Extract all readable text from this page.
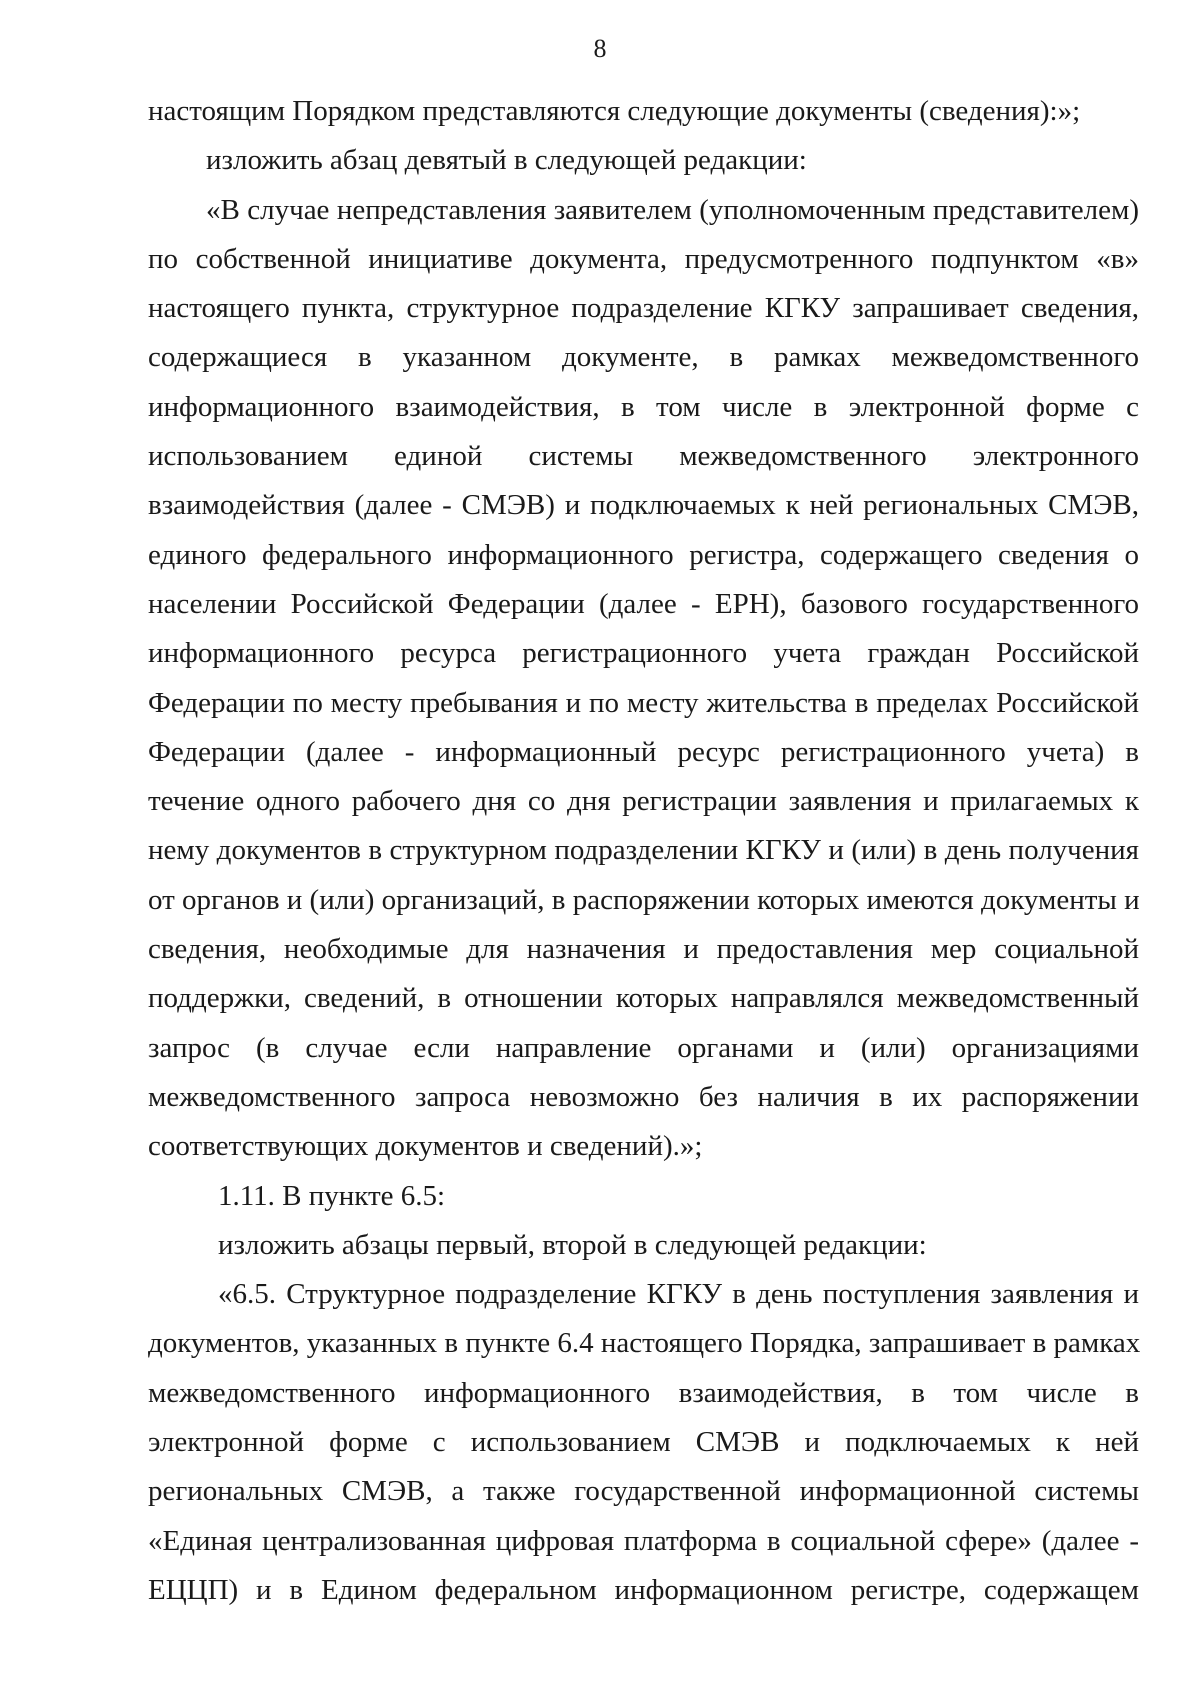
8
настоящим Порядком представляются следующие документы (сведения):»;
изложить абзац девятый в следующей редакции:
«В случае непредставления заявителем (уполномоченным представителем)
по собственной инициативе документа, предусмотренного подпунктом «в»
настоящего пункта, структурное подразделение КГКУ запрашивает сведения,
содержащиеся в указанном документе, в рамках межведомственного
информационного взаимодействия, в том числе в электронной форме с
использованием единой системы межведомственного электронного
взаимодействия (далее - СМЭВ) и подключаемых к ней региональных СМЭВ,
единого федерального информационного регистра, содержащего сведения о
населении Российской Федерации (далее - ЕРН), базового государственного
информационного ресурса регистрационного учета граждан Российской
Федерации по месту пребывания и по месту жительства в пределах Российской
Федерации (далее - информационный ресурс регистрационного учета) в
течение одного рабочего дня со дня регистрации заявления и прилагаемых к
нему документов в структурном подразделении КГКУ и (или) в день получения
от органов и (или) организаций, в распоряжении которых имеются документы и
сведения, необходимые для назначения и предоставления мер социальной
поддержки, сведений, в отношении которых направлялся межведомственный
запрос (в случае если направление органами и (или) организациями
межведомственного запроса невозможно без наличия в их распоряжении
соответствующих документов и сведений).»;
1.11. В пункте 6.5:
изложить абзацы первый, второй в следующей редакции:
«6.5. Структурное подразделение КГКУ в день поступления заявления и
документов, указанных в пункте 6.4 настоящего Порядка, запрашивает в рамках
межведомственного информационного взаимодействия, в том числе в
электронной форме с использованием СМЭВ и подключаемых к ней
региональных СМЭВ, а также государственной информационной системы
«Единая централизованная цифровая платформа в социальной сфере» (далее -
ЕЦЦП) и в Едином федеральном информационном регистре, содержащем
